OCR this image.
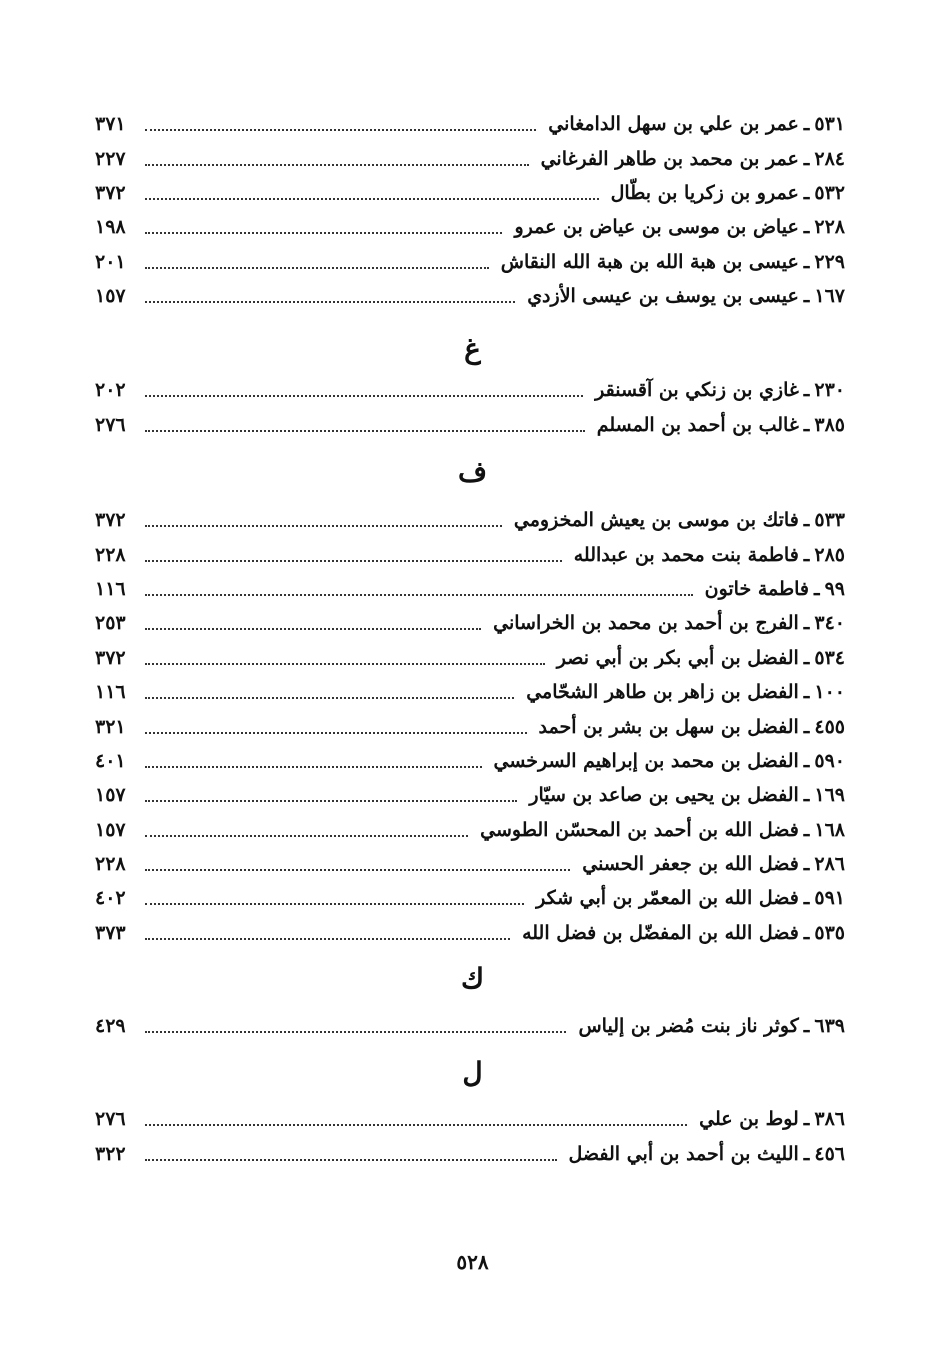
٥٣١
ـ
عمر بن علي بن سهل الدامغاني
٣٧١
٢٨٤
ـ
عمر بن محمد بن طاهر الفرغاني
٢٢٧
٥٣٢
ـ
عمرو بن زكريا بن بطّال
٣٧٢
٢٢٨
ـ
عياض بن موسى بن عياض بن عمرو
١٩٨
٢٢٩
ـ
عيسى بن هبة الله بن هبة الله النقاش
٢٠١
١٦٧
ـ
عيسى بن يوسف بن عيسى الأزدي
١٥٧
غ
٢٣٠
ـ
غازي بن زنكي بن آقسنقر
٢٠٢
٣٨٥
ـ
غالب بن أحمد بن المسلم
٢٧٦
ف
٥٣٣
ـ
فاتك بن موسى بن يعيش المخزومي
٣٧٢
٢٨٥
ـ
فاطمة بنت محمد بن عبدالله
٢٢٨
٩٩
ـ
فاطمة خاتون
١١٦
٣٤٠
ـ
الفرج بن أحمد بن محمد بن الخراساني
٢٥٣
٥٣٤
ـ
الفضل بن أبي بكر بن أبي نصر
٣٧٢
١٠٠
ـ
الفضل بن زاهر بن طاهر الشحّامي
١١٦
٤٥٥
ـ
الفضل بن سهل بن بشر بن أحمد
٣٢١
٥٩٠
ـ
الفضل بن محمد بن إبراهيم السرخسي
٤٠١
١٦٩
ـ
الفضل بن يحيى بن صاعد بن سيّار
١٥٧
١٦٨
ـ
فضل الله بن أحمد بن المحسّن الطوسي
١٥٧
٢٨٦
ـ
فضل الله بن جعفر الحسني
٢٢٨
٥٩١
ـ
فضل الله بن المعمّر بن أبي شكر
٤٠٢
٥٣٥
ـ
فضل الله بن المفضّل بن فضل الله
٣٧٣
ك
٦٣٩
ـ
كوثر ناز بنت مُضر بن إلياس
٤٢٩
ل
٣٨٦
ـ
لوط بن علي
٢٧٦
٤٥٦
ـ
الليث بن أحمد بن أبي الفضل
٣٢٢
٥٢٨
